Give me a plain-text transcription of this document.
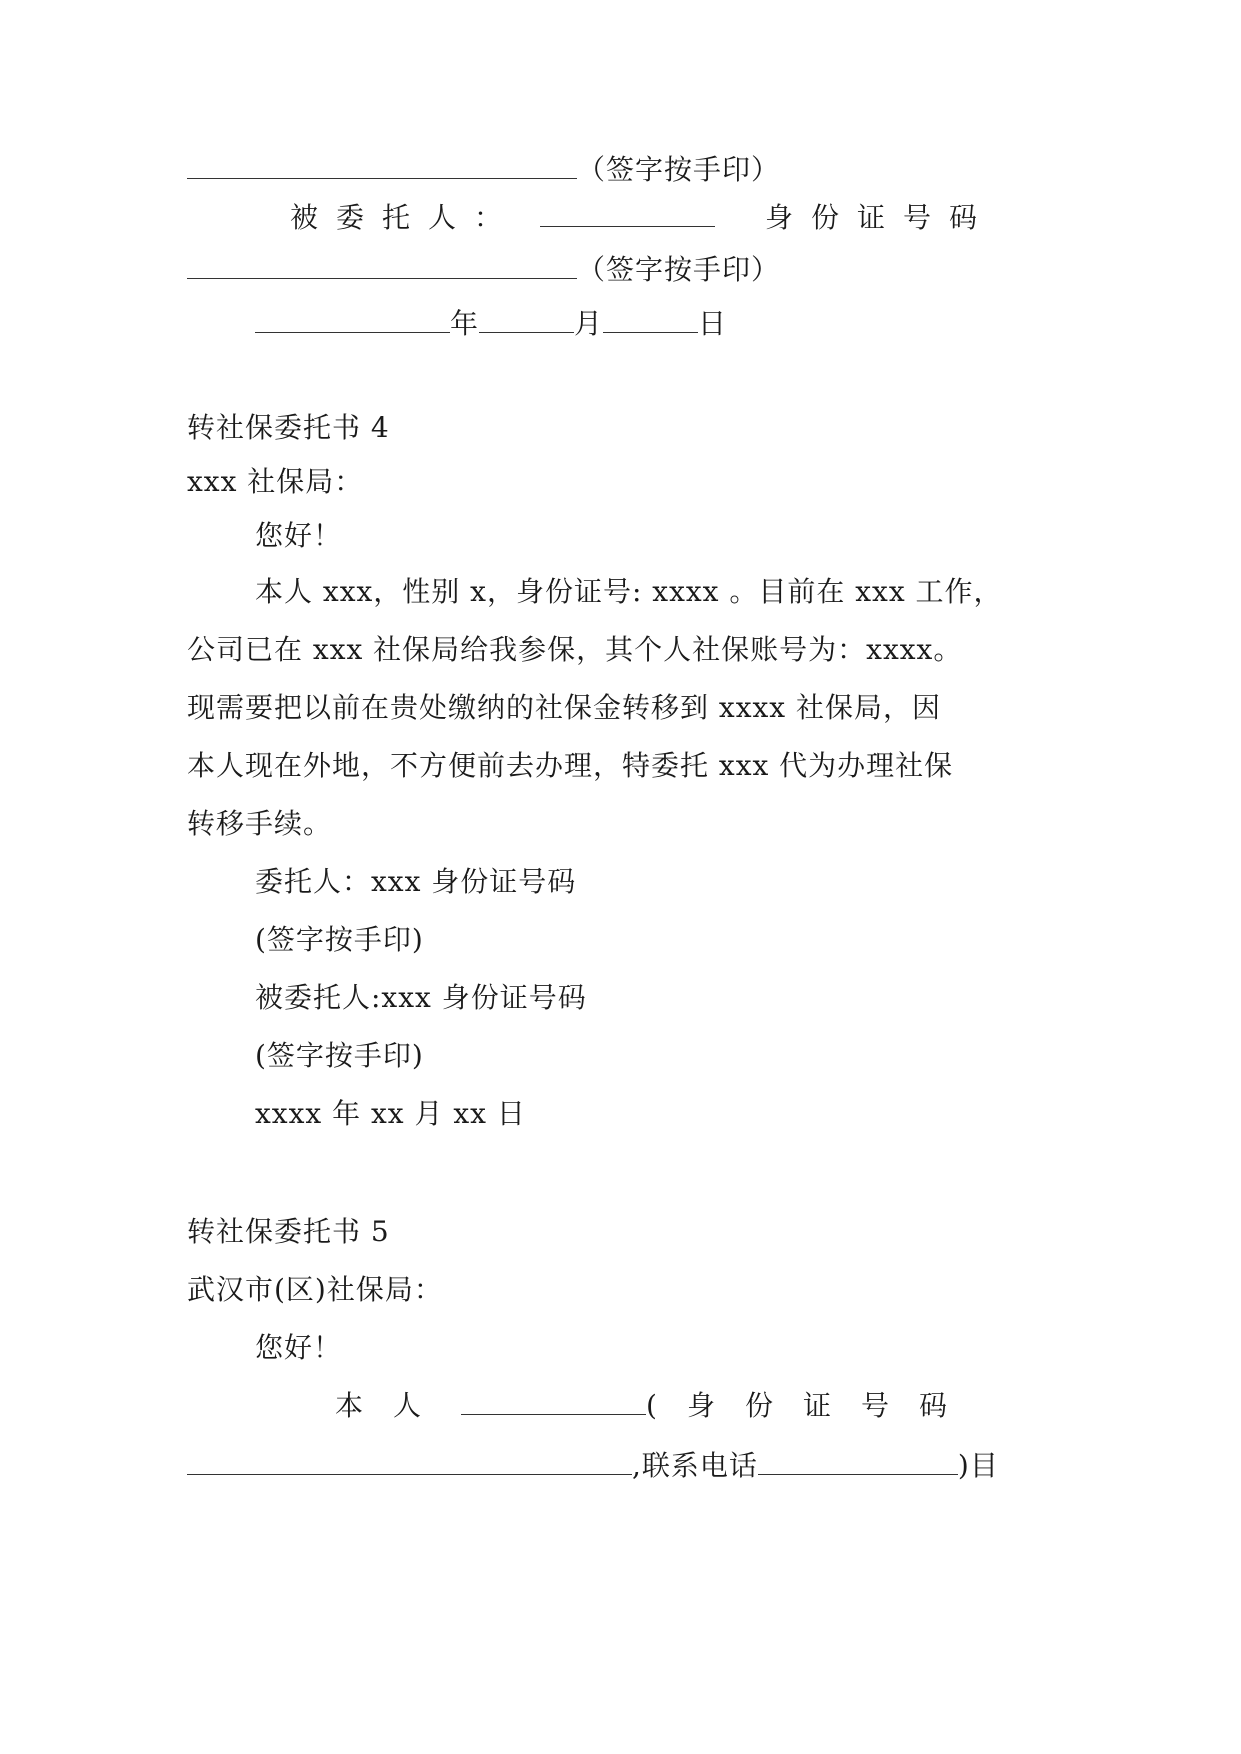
（签字按手印）
被委托人：	身份证号码
（签字按手印）
年	月	日
转社保委托书 4
xxx 社保局：
您好！
本人 xxx，性别 x，身份证号: xxxx 。目前在 xxx 工作，
公司已在 xxx 社保局给我参保，其个人社保账号为：xxxx。
现需要把以前在贵处缴纳的社保金转移到 xxxx 社保局，因
本人现在外地，不方便前去办理，特委托 xxx 代为办理社保
转移手续。
委托人：xxx 身份证号码
(签字按手印)
被委托人:xxx 身份证号码
(签字按手印)
xxxx 年 xx 月 xx 日
转社保委托书 5
武汉市(区)社保局：
您好！
本人	(身份证号码
,联系电话	)目
